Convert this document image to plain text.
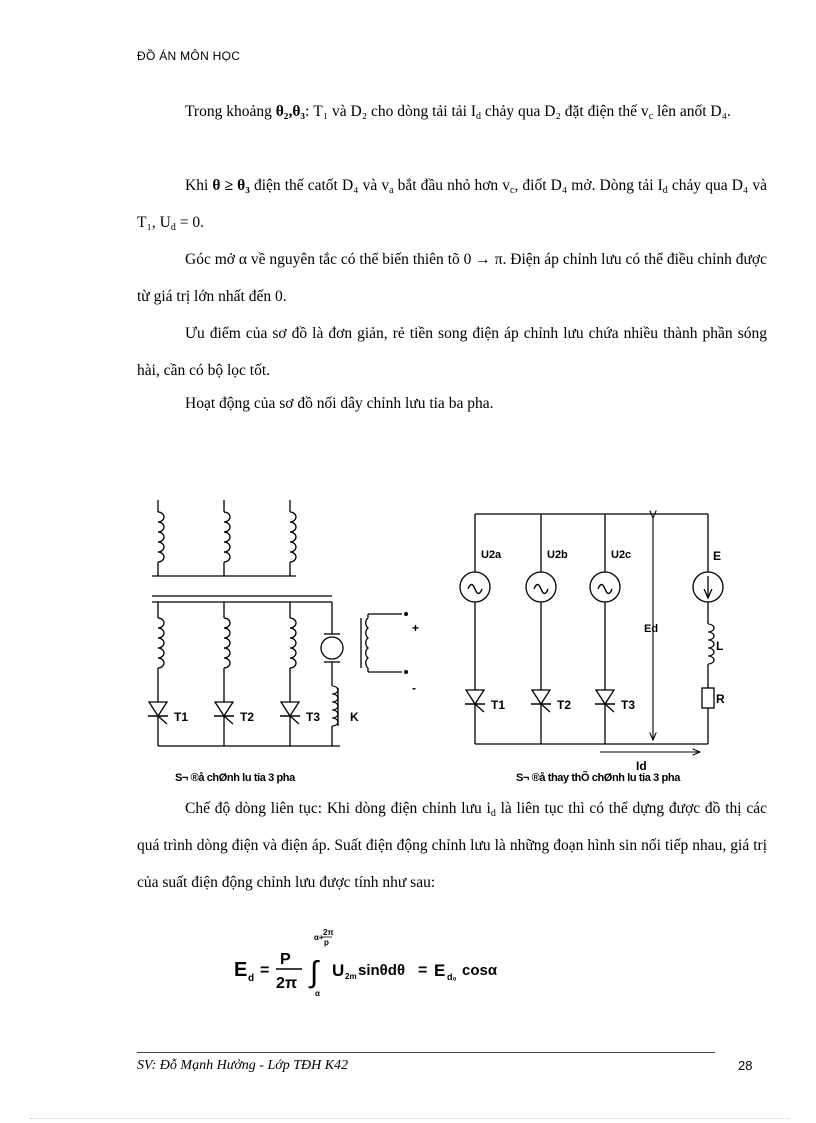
ĐỒ ÁN MÔN HỌC
Trong khoảng θ₂,θ₃: T₁ và D₂ cho dòng tải tải $I_d$ chảy qua D₂ đặt điện thế $v_c$ lên anốt D₄.
Khi θ ≥ θ₃ điện thế catốt D₄ và $v_a$ bắt đầu nhỏ hơn $v_c$, điốt D₄ mở. Dòng tải $I_d$ chảy qua D₄ và T₁, $U_d = 0$.
Góc mở α về nguyên tắc có thể biến thiên tõ 0 → π. Điện áp chỉnh lưu có thể điều chỉnh được từ giá trị lớn nhất đến 0.
Ưu điểm của sơ đồ là đơn giản, rẻ tiền song điện áp chỉnh lưu chứa nhiều thành phần sóng hài, cần có bộ lọc tốt.
Hoạt động của sơ đồ nối dây chỉnh lưu tia ba pha.
+
-
T1	T2	T3 K
U2a	U2b	U2c	E
Ed
L
R
T1	T2	T3
Id
S¬ ®å chØnh lu tia 3 pha	S¬ ®å thay thÕ chØnh lu tia 3 pha
Chế độ dòng liên tục: Khi dòng điện chỉnh lưu $i_d$ là liên tục thì có thể dựng được đồ thị các quá trình dòng điện và điện áp. Suất điện động chỉnh lưu là những đoạn hình sin nối tiếp nhau, giá trị của suất điện động chỉnh lưu được tính như sau:
E d =
P
2π ∫
α+
2π
p
α
U 2m sinθdθ = E d₀ cosα
SV: Đỗ Mạnh Hưởng - Lớp TĐH K42	28
